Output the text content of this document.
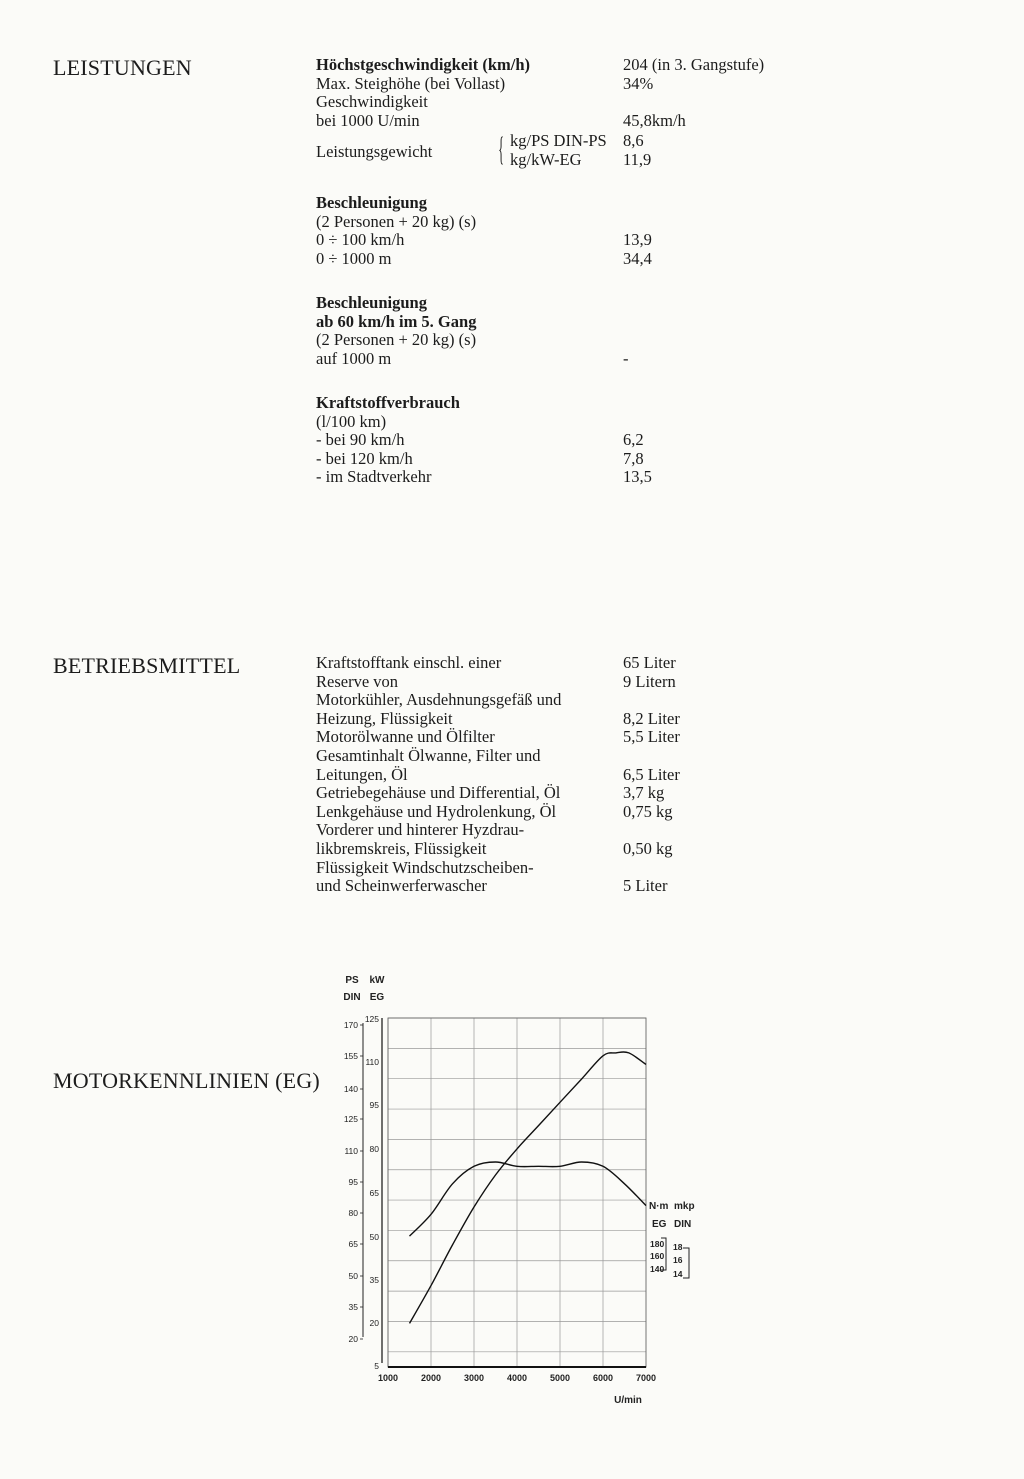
LEISTUNGEN	Höchstgeschwindigkeit (km/h)	204 (in 3. Gangstufe)
Max. Steighöhe (bei Vollast)	34%
Geschwindigkeit
bei 1000 U/min	45,8km/h
Leistungsgewicht { kg/PS DIN-PS 8,6
kg/kW-EG	11,9
Beschleunigung
(2 Personen + 20 kg) (s)
0 ÷ 100 km/h	13,9
0 ÷ 1000 m	34,4
Beschleunigung
ab 60 km/h im 5. Gang
(2 Personen + 20 kg) (s)
auf 1000 m	-
Kraftstoffverbrauch
(l/100 km)
- bei 90 km/h	6,2
- bei 120 km/h	7,8
- im Stadtverkehr	13,5
BETRIEBSMITTEL	Kraftstofftank einschl. einer	65 Liter
Reserve von	9 Litern
Motorkühler, Ausdehnungsgefäß und
Heizung, Flüssigkeit	8,2 Liter
Motorölwanne und Ölfilter	5,5 Liter
Gesamtinhalt Ölwanne, Filter und
Leitungen, Öl	6,5 Liter
Getriebegehäuse und Differential, Öl	3,7 kg
Lenkgehäuse und Hydrolenkung, Öl	0,75 kg
Vorderer und hinterer Hyzdrau-
likbremskreis, Flüssigkeit	0,50 kg
Flüssigkeit Windschutzscheiben-
und Scheinwerferwascher	5 Liter
MOTORKENNLINIEN (EG)
PS kW
DIN EG
170
155
140
125
110
95
80
65
50
35
20
125
110
95
80
65
50
35
20
5
1000	2000	3000	4000	5000	6000	7000
U/min
N·m mkp
EG DIN
180
160
140
18
16
14
